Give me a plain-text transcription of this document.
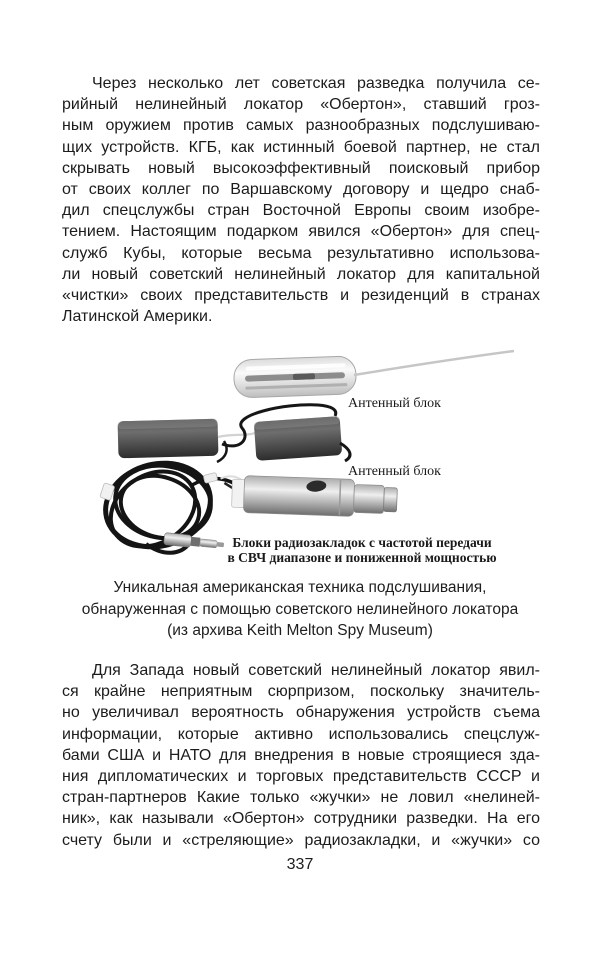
Через несколько лет советская разведка получила се-
рийный нелинейный локатор «Обертон», ставший гроз-
ным оружием против самых разнообразных подслушиваю-
щих устройств. КГБ, как истинный боевой партнер, не стал
скрывать новый высокоэффективный поисковый прибор
от своих коллег по Варшавскому договору и щедро снаб-
дил спецслужбы стран Восточной Европы своим изобре-
тением. Настоящим подарком явился «Обертон» для спец-
служб Кубы, которые весьма результативно использова-
ли новый советский нелинейный локатор для капитальной
«чистки» своих представительств и резиденций в странах
Латинской Америки.
Антенный блок
Антенный блок
Блоки радиозакладок с частотой передачи
в СВЧ диапазоне и пониженной мощностью
Уникальная американская техника подслушивания,
обнаруженная с помощью советского нелинейного локатора
(из архива Keith Melton Spy Museum)
Для Запада новый советский нелинейный локатор явил-
ся крайне неприятным сюрпризом, поскольку значитель-
но увеличивал вероятность обнаружения устройств съема
информации, которые активно использовались спецслуж-
бами США и НАТО для внедрения в новые строящиеся зда-
ния дипломатических и торговых представительств СССР и
стран-партнеров Какие только «жучки» не ловил «нелиней-
ник», как называли «Обертон» сотрудники разведки. На его
счету были и «стреляющие» радиозакладки, и «жучки» со
337
